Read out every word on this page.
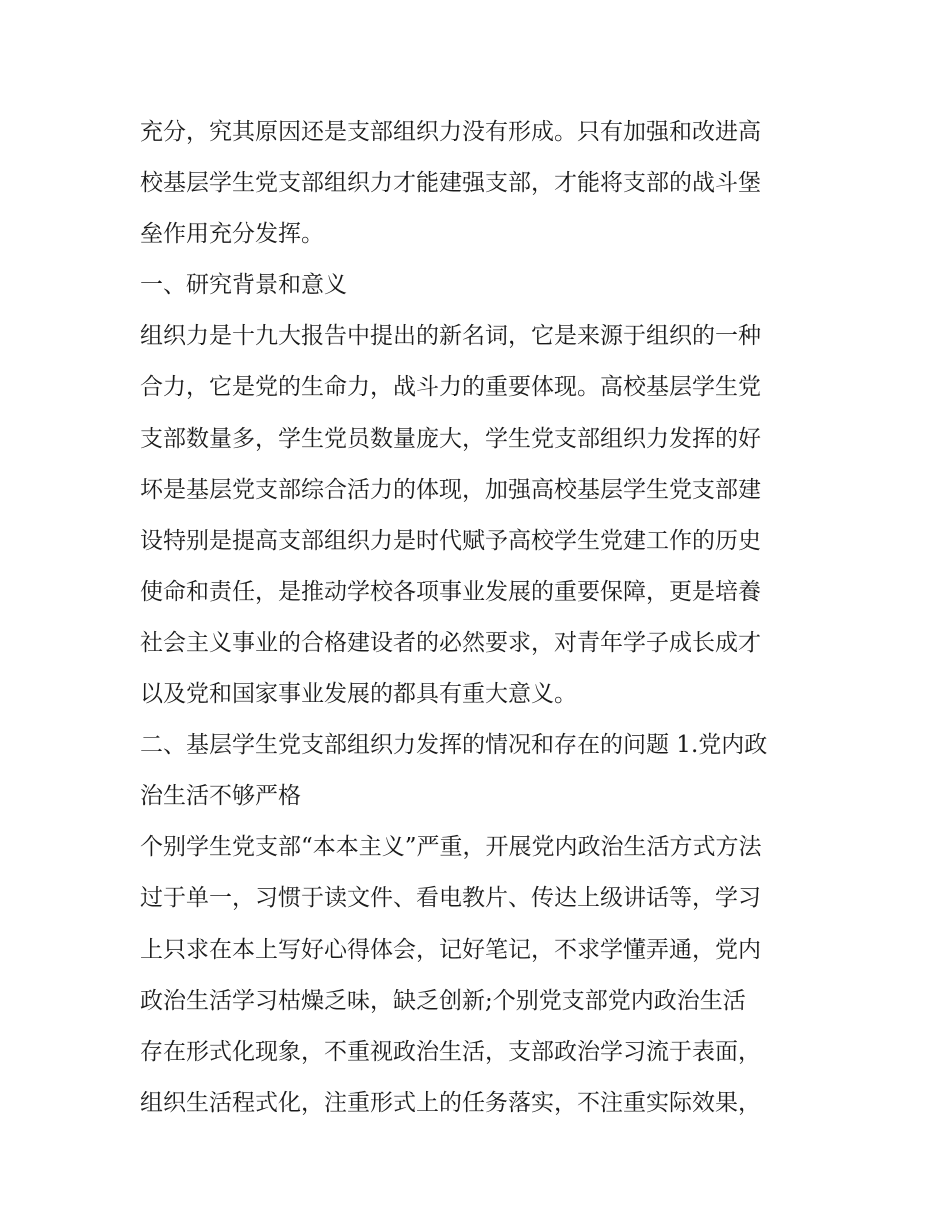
充分，究其原因还是支部组织力没有形成。只有加强和改进高
校基层学生党支部组织力才能建强支部，才能将支部的战斗堡
垒作用充分发挥。
一、研究背景和意义
组织力是十九大报告中提出的新名词，它是来源于组织的一种
合力，它是党的生命力，战斗力的重要体现。高校基层学生党
支部数量多，学生党员数量庞大，学生党支部组织力发挥的好
坏是基层党支部综合活力的体现，加强高校基层学生党支部建
设特别是提高支部组织力是时代赋予高校学生党建工作的历史
使命和责任，是推动学校各项事业发展的重要保障，更是培養
社会主义事业的合格建设者的必然要求，对青年学子成长成才
以及党和国家事业发展的都具有重大意义。
二、基层学生党支部组织力发挥的情况和存在的问题 1.党内政
治生活不够严格
个别学生党支部“本本主义”严重，开展党内政治生活方式方法
过于单一，习惯于读文件、看电教片、传达上级讲话等，学习
上只求在本上写好心得体会，记好笔记，不求学懂弄通，党内
政治生活学习枯燥乏味，缺乏创新;个别党支部党内政治生活
存在形式化现象，不重视政治生活，支部政治学习流于表面，
组织生活程式化，注重形式上的任务落实，不注重实际效果，
